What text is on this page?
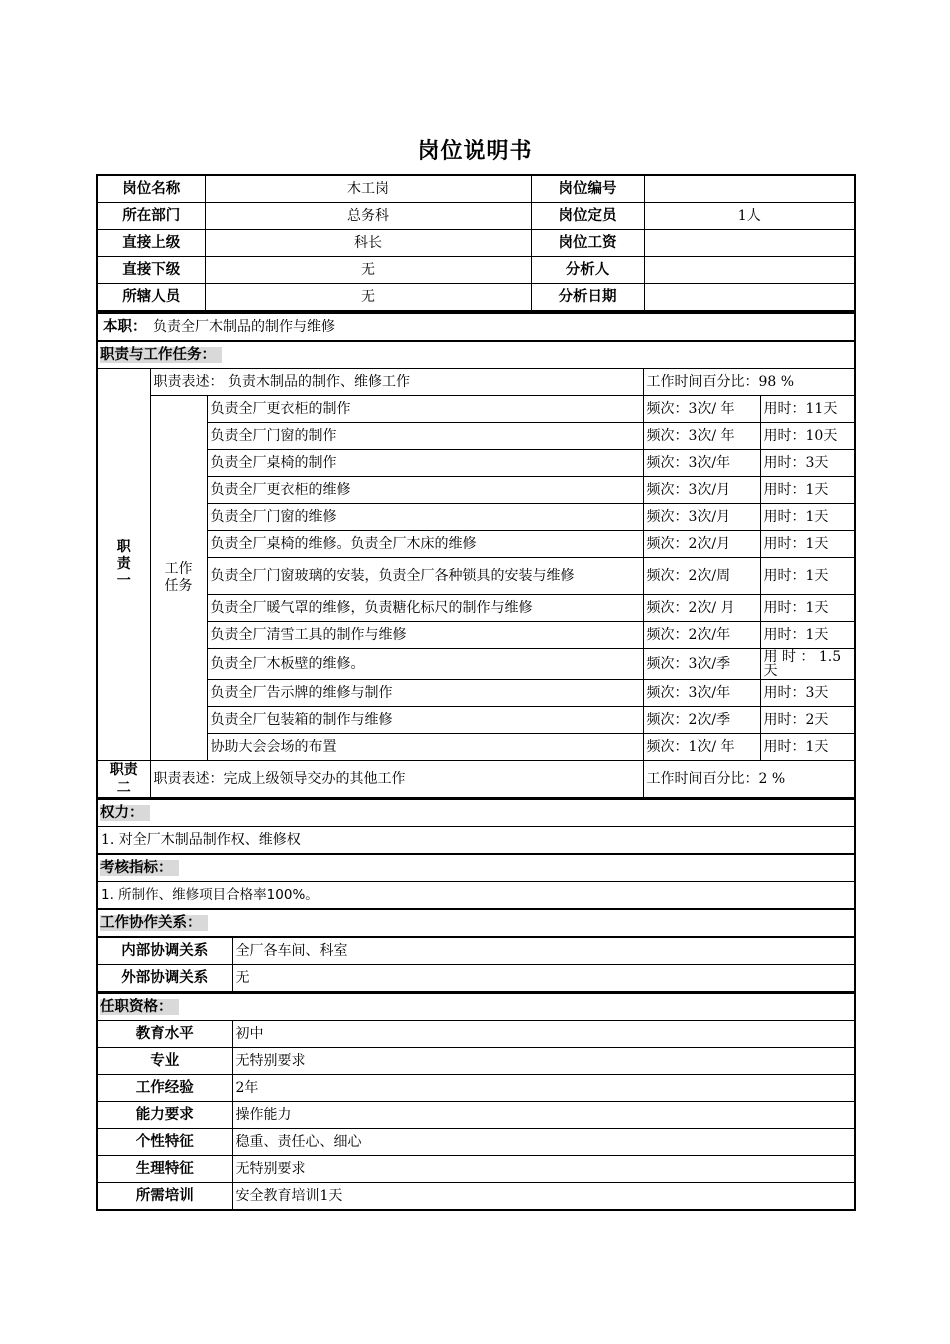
岗位说明书
岗位名称	木工岗	岗位编号	
所在部门	总务科	岗位定员	1人
直接上级	科长	岗位工资	
直接下级	无	分析人	
所辖人员	无	分析日期	
本职： 负责全厂木制品的制作与维修				
职责与工作任务：				
职
责
一	职责表述： 负责木制品的制作、维修工作		工作时间百分比：98 %	
	工作
任务	负责全厂更衣柜的制作	频次：3次/ 年	用时：11天
		负责全厂门窗的制作	频次：3次/ 年	用时：10天
		负责全厂桌椅的制作	频次：3次/年	用时：3天
		负责全厂更衣柜的维修	频次：3次/月	用时：1天
		负责全厂门窗的维修	频次：3次/月	用时：1天
		负责全厂桌椅的维修。负责全厂木床的维修	频次：2次/月	用时：1天
		负责全厂门窗玻璃的安装，负责全厂各种锁具的安装与维修	频次：2次/周	用时：1天
		负责全厂暖气罩的维修，负责糖化标尺的制作与维修	频次：2次/ 月	用时：1天
		负责全厂清雪工具的制作与维修	频次：2次/年	用时：1天
		负责全厂木板壁的维修。	频次：3次/季	用 时 ： 1.5天
		负责全厂告示牌的维修与制作	频次：3次/年	用时：3天
		负责全厂包装箱的制作与维修	频次：2次/季	用时：2天
		协助大会会场的布置	频次：1次/ 年	用时：1天
职责
二	职责表述：完成上级领导交办的其他工作		工作时间百分比：2 %	
权力：
1. 对全厂木制品制作权、维修权
考核指标：
1. 所制作、维修项目合格率100%。
工作协作关系：
内部协调关系	全厂各车间、科室
外部协调关系	无
任职资格：	
教育水平	初中
专业	无特别要求
工作经验	2年
能力要求	操作能力
个性特征	稳重、责任心、细心
生理特征	无特别要求
所需培训	安全教育培训1天
